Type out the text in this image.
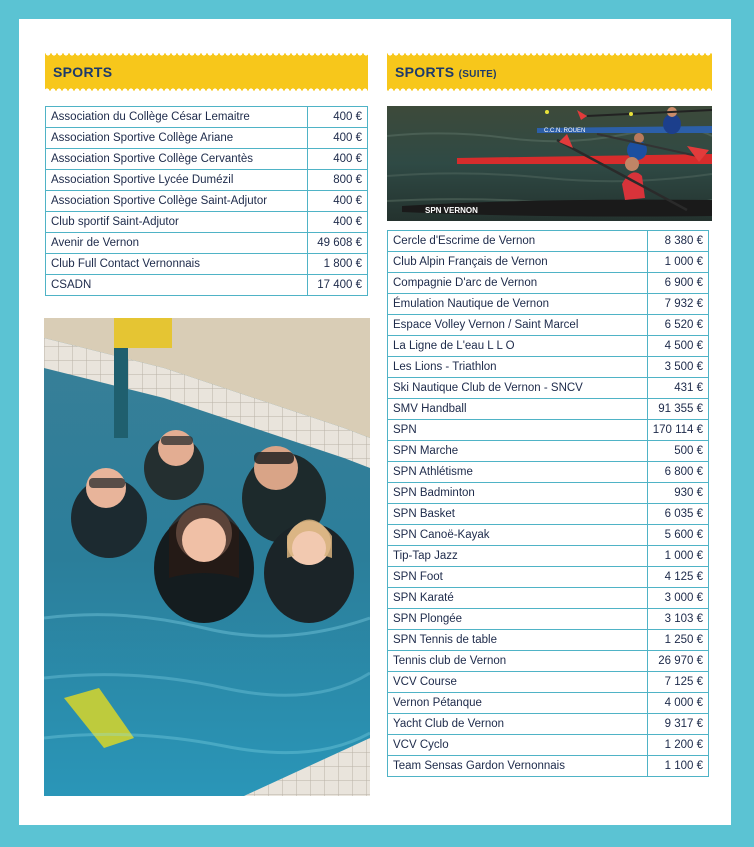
SPORTS	SPORTS (SUITE)
Association du Collège César Lemaitre	400 €
Association Sportive Collège Ariane	400 €
Association Sportive Collège Cervantès	400 €
Association Sportive Lycée Dumézil	800 €
Association Sportive Collège Saint-Adjutor	400 €
Club sportif Saint-Adjutor	400 €
Avenir de Vernon	49 608 €
Club Full Contact Vernonnais	1 800 €
CSADN	17 400 €
Cercle d'Escrime de Vernon	8 380 €
Club Alpin Français de Vernon	1 000 €
Compagnie D'arc de Vernon	6 900 €
Émulation Nautique de Vernon	7 932 €
Espace Volley Vernon / Saint Marcel	6 520 €
La Ligne de L'eau L L O	4 500 €
Les Lions - Triathlon	3 500 €
Ski Nautique Club de Vernon - SNCV	431 €
SMV Handball	91 355 €
SPN	170 114 €
SPN Marche	500 €
SPN Athlétisme	6 800 €
SPN Badminton	930 €
SPN Basket	6 035 €
SPN Canoë-Kayak	5 600 €
Tip-Tap Jazz	1 000 €
SPN Foot	4 125 €
SPN Karaté	3 000 €
SPN Plongée	3 103 €
SPN Tennis de table	1 250 €
Tennis club de Vernon	26 970 €
VCV Course	7 125 €
Vernon Pétanque	4 000 €
Yacht Club de Vernon	9 317 €
VCV Cyclo	1 200 €
Team Sensas Gardon Vernonnais	1 100 €
C.C.N. ROUEN
SPN VERNON
